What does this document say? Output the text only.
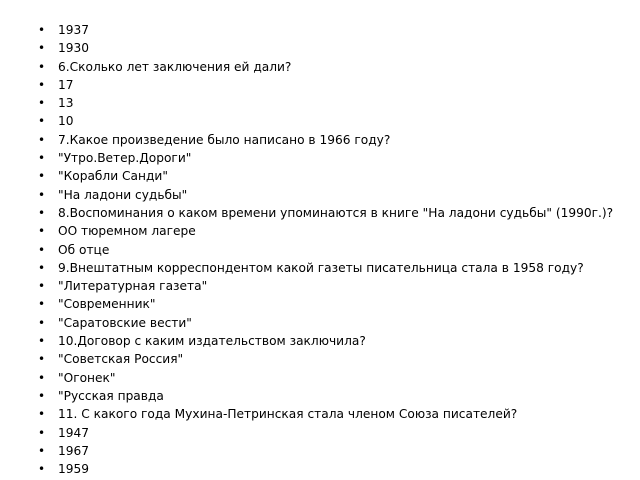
• 1937
• 1930
• 6.Сколько лет заключения ей дали?
• 17
• 13
• 10
• 7.Какое произведение было написано в 1966 году?
• "Утро.Ветер.Дороги"
• "Корабли Санди"
• "На ладони судьбы"
• 8.Воспоминания о каком времени упоминаются в книге "На ладони судьбы" (1990г.)?
• ОО тюремном лагере
• Об отце
• 9.Внештатным корреспондентом какой газеты писательница стала в 1958 году?
• "Литературная газета"
• "Современник"
• "Саратовские вести"
• 10.Договор с каким издательством заключила?
• "Советская Россия"
• "Огонек"
• "Русская правда
• 11. С какого года Мухина-Петринская стала членом Союза писателей?
• 1947
• 1967
• 1959
